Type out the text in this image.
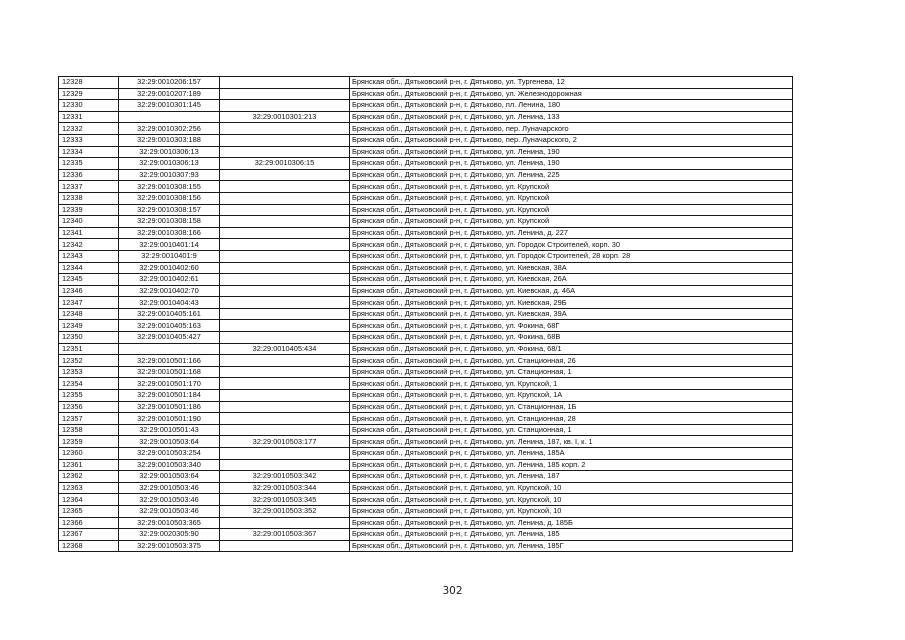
12328	32:29:0010206:157		Брянская обл., Дятьковский р-н, г. Дятьково, ул. Тургенева, 12
12329	32:29:0010207:189		Брянская обл., Дятьковский р-н, г. Дятьково, ул. Железнодорожная
12330	32:29:0010301:145		Брянская обл., Дятьковский р-н, г. Дятьково, пл. Ленина, 180
12331		32:29:0010301:213	Брянская обл., Дятьковский р-н, г. Дятьково, ул. Ленина, 133
12332	32:29:0010302:256		Брянская обл., Дятьковский р-н, г. Дятьково, пер. Луначарского
12333	32:29:0010303:188		Брянская обл., Дятьковский р-н, г. Дятьково, пер. Луначарского, 2
12334	32:29:0010306:13		Брянская обл., Дятьковский р-н, г. Дятьково, ул. Ленина, 190
12335	32:29:0010306:13	32:29:0010306:15	Брянская обл., Дятьковский р-н, г. Дятьково, ул. Ленина, 190
12336	32:29:0010307:93		Брянская обл., Дятьковский р-н, г. Дятьково, ул. Ленина, 225
12337	32:29:0010308:155		Брянская обл., Дятьковский р-н, г. Дятьково, ул. Крупской
12338	32:29:0010308:156		Брянская обл., Дятьковский р-н, г. Дятьково, ул. Крупской
12339	32:29:0010308:157		Брянская обл., Дятьковский р-н, г. Дятьково, ул. Крупской
12340	32:29:0010308:158		Брянская обл., Дятьковский р-н, г. Дятьково, ул. Крупской
12341	32:29:0010308:166		Брянская обл., Дятьковский р-н, г. Дятьково, ул. Ленина, д. 227
12342	32:29:0010401:14		Брянская обл., Дятьковский р-н, г. Дятьково, ул. Городок Строителей, корп. 30
12343	32:29:0010401:9		Брянская обл., Дятьковский р-н, г. Дятьково, ул. Городок Строителей, 28 корп. 28
12344	32:29:0010402:60		Брянская обл., Дятьковский р-н, г. Дятьково, ул. Киевская, 38А
12345	32:29:0010402:61		Брянская обл., Дятьковский р-н, г. Дятьково, ул. Киевская, 26А
12346	32:29:0010402:70		Брянская обл., Дятьковский р-н, г. Дятьково, ул. Киевская, д. 46А
12347	32:29:0010404:43		Брянская обл., Дятьковский р-н, г. Дятьково, ул. Киевская, 29Б
12348	32:29:0010405:161		Брянская обл., Дятьковский р-н, г. Дятьково, ул. Киевская, 39А
12349	32:29:0010405:163		Брянская обл., Дятьковский р-н, г. Дятьково, ул. Фокина, 68Г
12350	32:29:0010405:427		Брянская обл., Дятьковский р-н, г. Дятьково, ул. Фокина, 68В
12351		32:29:0010405:434	Брянская обл., Дятьковский р-н, г. Дятьково, ул. Фокина, 68/1
12352	32:29:0010501:166		Брянская обл., Дятьковский р-н, г. Дятьково, ул. Станционная, 26
12353	32:29:0010501:168		Брянская обл., Дятьковский р-н, г. Дятьково, ул. Станционная, 1
12354	32:29:0010501:170		Брянская обл., Дятьковский р-н, г. Дятьково, ул. Крупской, 1
12355	32:29:0010501:184		Брянская обл., Дятьковский р-н, г. Дятьково, ул. Крупской, 1А
12356	32:29:0010501:186		Брянская обл., Дятьковский р-н, г. Дятьково, ул. Станционная, 1Б
12357	32:29:0010501:190		Брянская обл., Дятьковский р-н, г. Дятьково, ул. Станционная, 28
12358	32:29:0010501:43		Брянская обл., Дятьковский р-н, г. Дятьково, ул. Станционная, 1
12359	32:29:0010503:64	32:29:0010503:177	Брянская обл., Дятьковский р-н, г. Дятьково, ул. Ленина, 187, кв. I, к. 1
12360	32:29:0010503:254		Брянская обл., Дятьковский р-н, г. Дятьково, ул. Ленина, 185А
12361	32:29:0010503:340		Брянская обл., Дятьковский р-н, г. Дятьково, ул. Ленина, 185 корп. 2
12362	32:29:0010503:64	32:29:0010503:342	Брянская обл., Дятьковский р-н, г. Дятьково, ул. Ленина, 187
12363	32:29:0010503:46	32:29:0010503:344	Брянская обл., Дятьковский р-н, г. Дятьково, ул. Крупской, 10
12364	32:29:0010503:46	32:29:0010503:345	Брянская обл., Дятьковский р-н, г. Дятьково, ул. Крупской, 10
12365	32:29:0010503:46	32:29:0010503:352	Брянская обл., Дятьковский р-н, г. Дятьково, ул. Крупской, 10
12366	32:29:0010503:365		Брянская обл., Дятьковский р-н, г. Дятьково, ул. Ленина, д. 185Б
12367	32:29:0020305:90	32:29:0010503:367	Брянская обл., Дятьковский р-н, г. Дятьково, ул. Ленина, 185
12368	32:29:0010503:375		Брянская обл., Дятьковский р-н, г. Дятьково, ул. Ленина, 185Г
302
